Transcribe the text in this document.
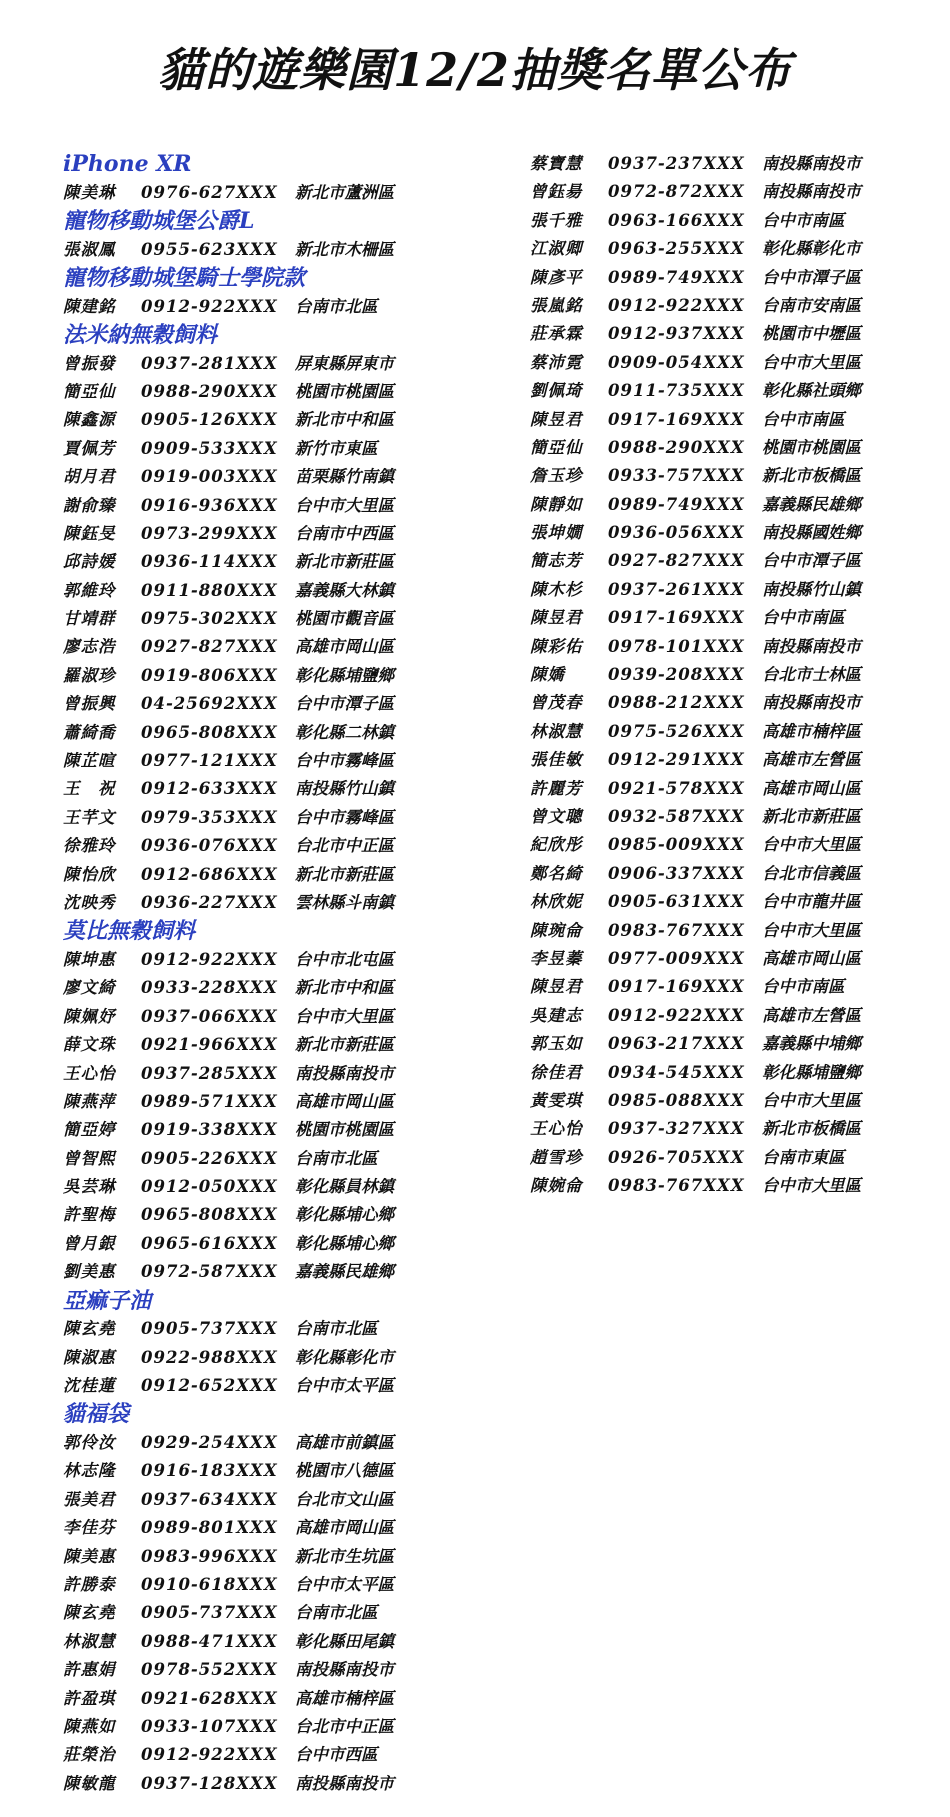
貓的遊樂園12/2抽獎名單公布
iPhone XR
陳美琳 0976-627XXX 新北市蘆洲區
寵物移動城堡公爵L
張淑鳳 0955-623XXX 新北市木柵區
寵物移動城堡騎士學院款
陳建銘 0912-922XXX 台南市北區
法米納無穀飼料
曾振發 0937-281XXX 屏東縣屏東市
簡亞仙 0988-290XXX 桃園市桃園區
陳鑫源 0905-126XXX 新北市中和區
賈佩芳 0909-533XXX 新竹市東區
胡月君 0919-003XXX 苗栗縣竹南鎮
謝俞臻 0916-936XXX 台中市大里區
陳鈺旻 0973-299XXX 台南市中西區
邱詩媛 0936-114XXX 新北市新莊區
郭維玲 0911-880XXX 嘉義縣大林鎮
甘靖群 0975-302XXX 桃園市觀音區
廖志浩 0927-827XXX 高雄市岡山區
羅淑珍 0919-806XXX 彰化縣埔鹽鄉
曾振興 04-25692XXX 台中市潭子區
蕭綺喬 0965-808XXX 彰化縣二林鎮
陳芷暄 0977-121XXX 台中市霧峰區
王　祝 0912-633XXX 南投縣竹山鎮
王芊文 0979-353XXX 台中市霧峰區
徐雅玲 0936-076XXX 台北市中正區
陳怡欣 0912-686XXX 新北市新莊區
沈映秀 0936-227XXX 雲林縣斗南鎮
莫比無穀飼料
陳坤惠 0912-922XXX 台中市北屯區
廖文綺 0933-228XXX 新北市中和區
陳姵妤 0937-066XXX 台中市大里區
薛文珠 0921-966XXX 新北市新莊區
王心怡 0937-285XXX 南投縣南投市
陳燕萍 0989-571XXX 高雄市岡山區
簡亞婷 0919-338XXX 桃園市桃園區
曾智熙 0905-226XXX 台南市北區
吳芸琳 0912-050XXX 彰化縣員林鎮
許聖梅 0965-808XXX 彰化縣埔心鄉
曾月銀 0965-616XXX 彰化縣埔心鄉
劉美惠 0972-587XXX 嘉義縣民雄鄉
亞痲子油
陳玄堯 0905-737XXX 台南市北區
陳淑惠 0922-988XXX 彰化縣彰化市
沈桂蓮 0912-652XXX 台中市太平區
貓福袋
郭伶汝 0929-254XXX 高雄市前鎮區
林志隆 0916-183XXX 桃園市八德區
張美君 0937-634XXX 台北市文山區
李佳芬 0989-801XXX 高雄市岡山區
陳美惠 0983-996XXX 新北市生坑區
許勝泰 0910-618XXX 台中市太平區
陳玄堯 0905-737XXX 台南市北區
林淑慧 0988-471XXX 彰化縣田尾鎮
許惠娟 0978-552XXX 南投縣南投市
許盈琪 0921-628XXX 高雄市楠梓區
陳燕如 0933-107XXX 台北市中正區
莊榮治 0912-922XXX 台中市西區
陳敏龍 0937-128XXX 南投縣南投市
蔡寶慧 0937-237XXX 南投縣南投市
曾鈺昜 0972-872XXX 南投縣南投市
張千雅 0963-166XXX 台中市南區
江淑卿 0963-255XXX 彰化縣彰化市
陳彥平 0989-749XXX 台中市潭子區
張嵐銘 0912-922XXX 台南市安南區
莊承霖 0912-937XXX 桃園市中壢區
蔡沛霓 0909-054XXX 台中市大里區
劉佩琦 0911-735XXX 彰化縣社頭鄉
陳昱君 0917-169XXX 台中市南區
簡亞仙 0988-290XXX 桃園市桃園區
詹玉珍 0933-757XXX 新北市板橋區
陳靜如 0989-749XXX 嘉義縣民雄鄉
張坤嫺 0936-056XXX 南投縣國姓鄉
簡志芳 0927-827XXX 台中市潭子區
陳木杉 0937-261XXX 南投縣竹山鎮
陳昱君 0917-169XXX 台中市南區
陳彩佑 0978-101XXX 南投縣南投市
陳嬌	0939-208XXX 台北市士林區
曾茂春 0988-212XXX 南投縣南投市
林淑慧 0975-526XXX 高雄市楠梓區
張佳敏 0912-291XXX 高雄市左營區
許麗芳 0921-578XXX 高雄市岡山區
曾文聰 0932-587XXX 新北市新莊區
紀欣彤 0985-009XXX 台中市大里區
鄭名綺 0906-337XXX 台北市信義區
林欣妮 0905-631XXX 台中市龍井區
陳琬侖 0983-767XXX 台中市大里區
李昱蓁 0977-009XXX 高雄市岡山區
陳昱君 0917-169XXX 台中市南區
吳建志 0912-922XXX 高雄市左營區
郭玉如 0963-217XXX 嘉義縣中埔鄉
徐佳君 0934-545XXX 彰化縣埔鹽鄉
黃雯琪 0985-088XXX 台中市大里區
王心怡 0937-327XXX 新北市板橋區
趙雪珍 0926-705XXX 台南市東區
陳婉侖 0983-767XXX 台中市大里區
